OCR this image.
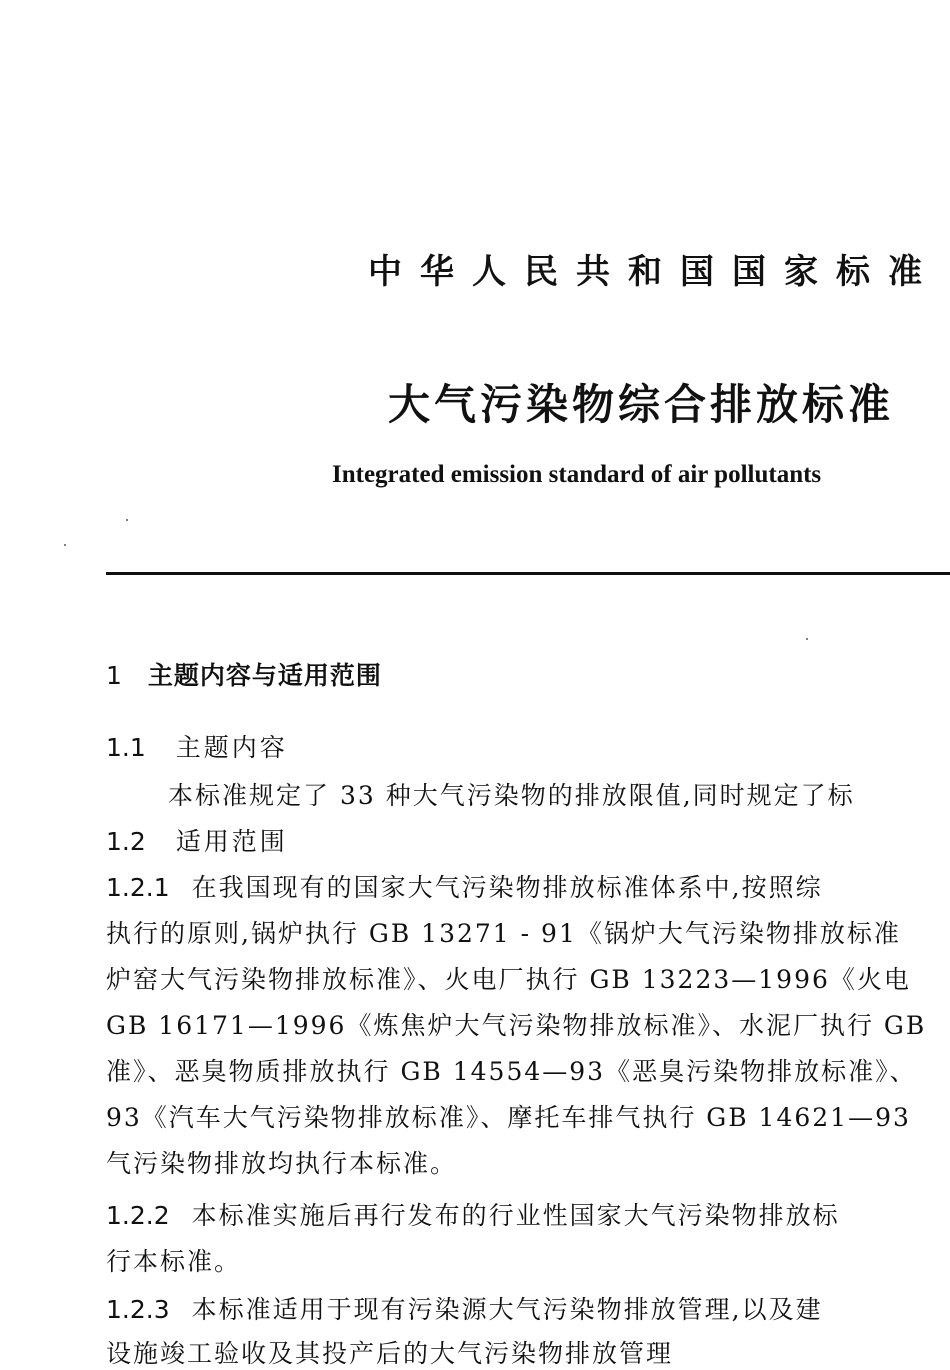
中华人民共和国国家标准
大气污染物综合排放标准
Integrated emission standard of air pollutants
1 主题内容与适用范围
1.1 主题内容
本标准规定了 33 种大气污染物的排放限值,同时规定了标
1.2 适用范围
1.2.1 在我国现有的国家大气污染物排放标准体系中,按照综
执行的原则,锅炉执行 GB 13271 - 91《锅炉大气污染物排放标准
炉窑大气污染物排放标准》、火电厂执行 GB 13223—1996《火电
GB 16171—1996《炼焦炉大气污染物排放标准》、水泥厂执行 GB
准》、恶臭物质排放执行 GB 14554—93《恶臭污染物排放标准》、
93《汽车大气污染物排放标准》、摩托车排气执行 GB 14621—93
气污染物排放均执行本标准。
1.2.2 本标准实施后再行发布的行业性国家大气污染物排放标
行本标准。
1.2.3 本标准适用于现有污染源大气污染物排放管理,以及建
设施竣工验收及其投产后的大气污染物排放管理
